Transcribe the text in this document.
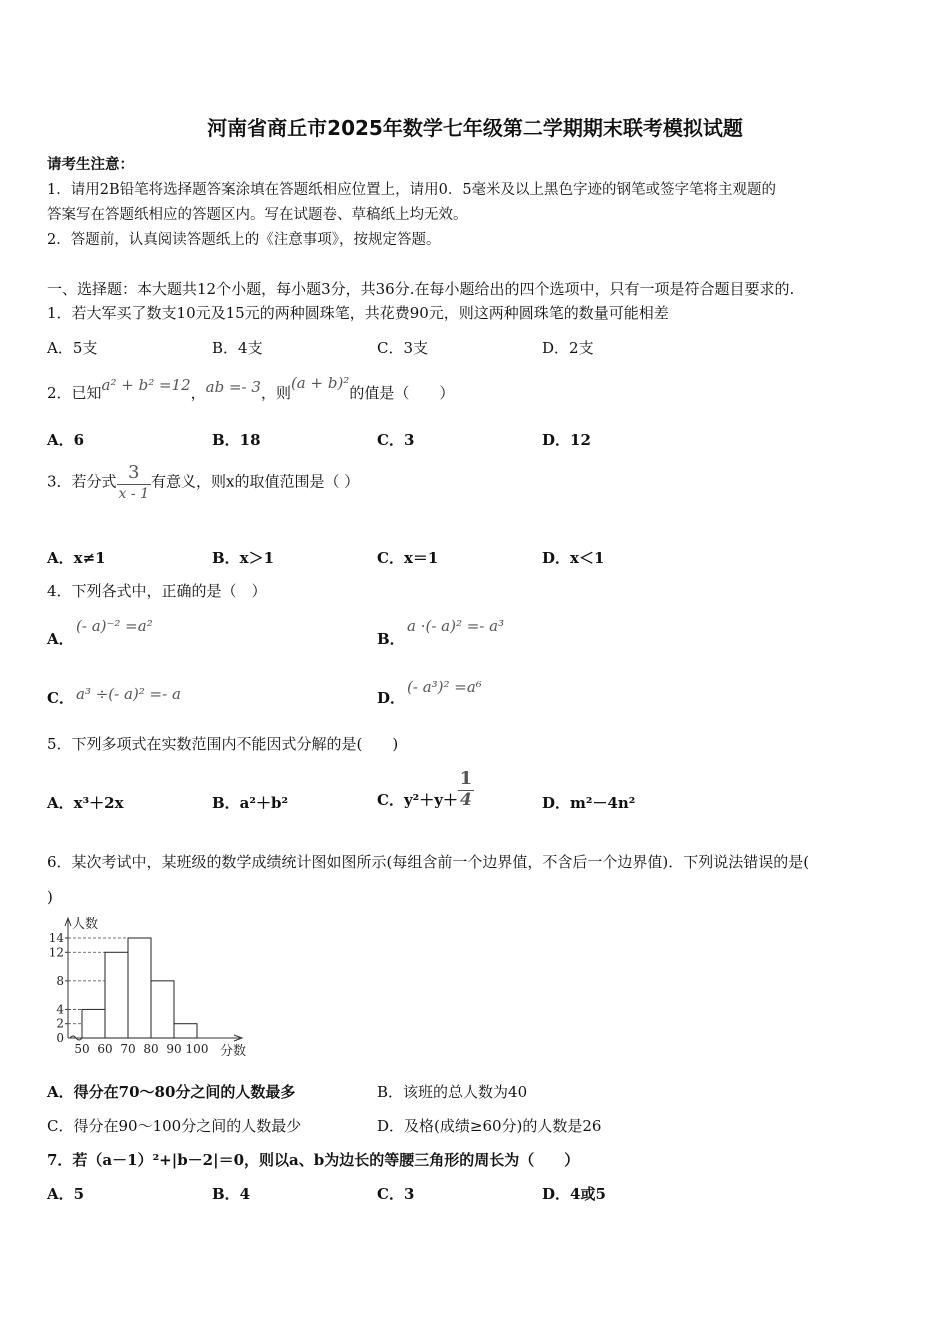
河南省商丘市2025年数学七年级第二学期期末联考模拟试题
请考生注意：
1．请用2B铅笔将选择题答案涂填在答题纸相应位置上，请用0．5毫米及以上黑色字迹的钢笔或签字笔将主观题的
答案写在答题纸相应的答题区内。写在试题卷、草稿纸上均无效。
2．答题前，认真阅读答题纸上的《注意事项》，按规定答题。
一、选择题：本大题共12个小题，每小题3分，共36分.在每小题给出的四个选项中，只有一项是符合题目要求的.
1．若大军买了数支10元及15元的两种圆珠笔，共花费90元，则这两种圆珠笔的数量可能相差
A．5支	B．4支	C．3支	D．2支
2．已知a² + b² =12，ab =- 3，则(a + b)²的值是（　　）
A．6	B．18	C．3	D．12
3．若分式 $\frac{3}{x - 1}$ 有意义，则x的取值范围是（ ）
A．x≠1	B．x＞1	C．x＝1	D．x＜1
4．下列各式中，正确的是（　）
A．
(- a)⁻² =a²
B．
a ·(- a)² =- a³
C． a³ ÷(- a)² =- a	D．
(- a³)² =a⁶
5．下列多项式在实数范围内不能因式分解的是(　　)
A．x³＋2x	B．a²＋b²	C．$y^2+y+ \frac{1}{4}$	D．m²－4n²
6．某次考试中，某班级的数学成绩统计图如图所示(每组含前一个边界值，不含后一个边界值)．下列说法错误的是(
)
0
2
4
8
12
14
50 60 70 80 90 100
人数
分数
A．得分在70～80分之间的人数最多	B．该班的总人数为40
C．得分在90～100分之间的人数最少	D．及格(成绩≥60分)的人数是26
7．若（a－1）²+|b－2|＝0，则以a、b为边长的等腰三角形的周长为（　　）
A．5	B．4	C．3	D．4或5
